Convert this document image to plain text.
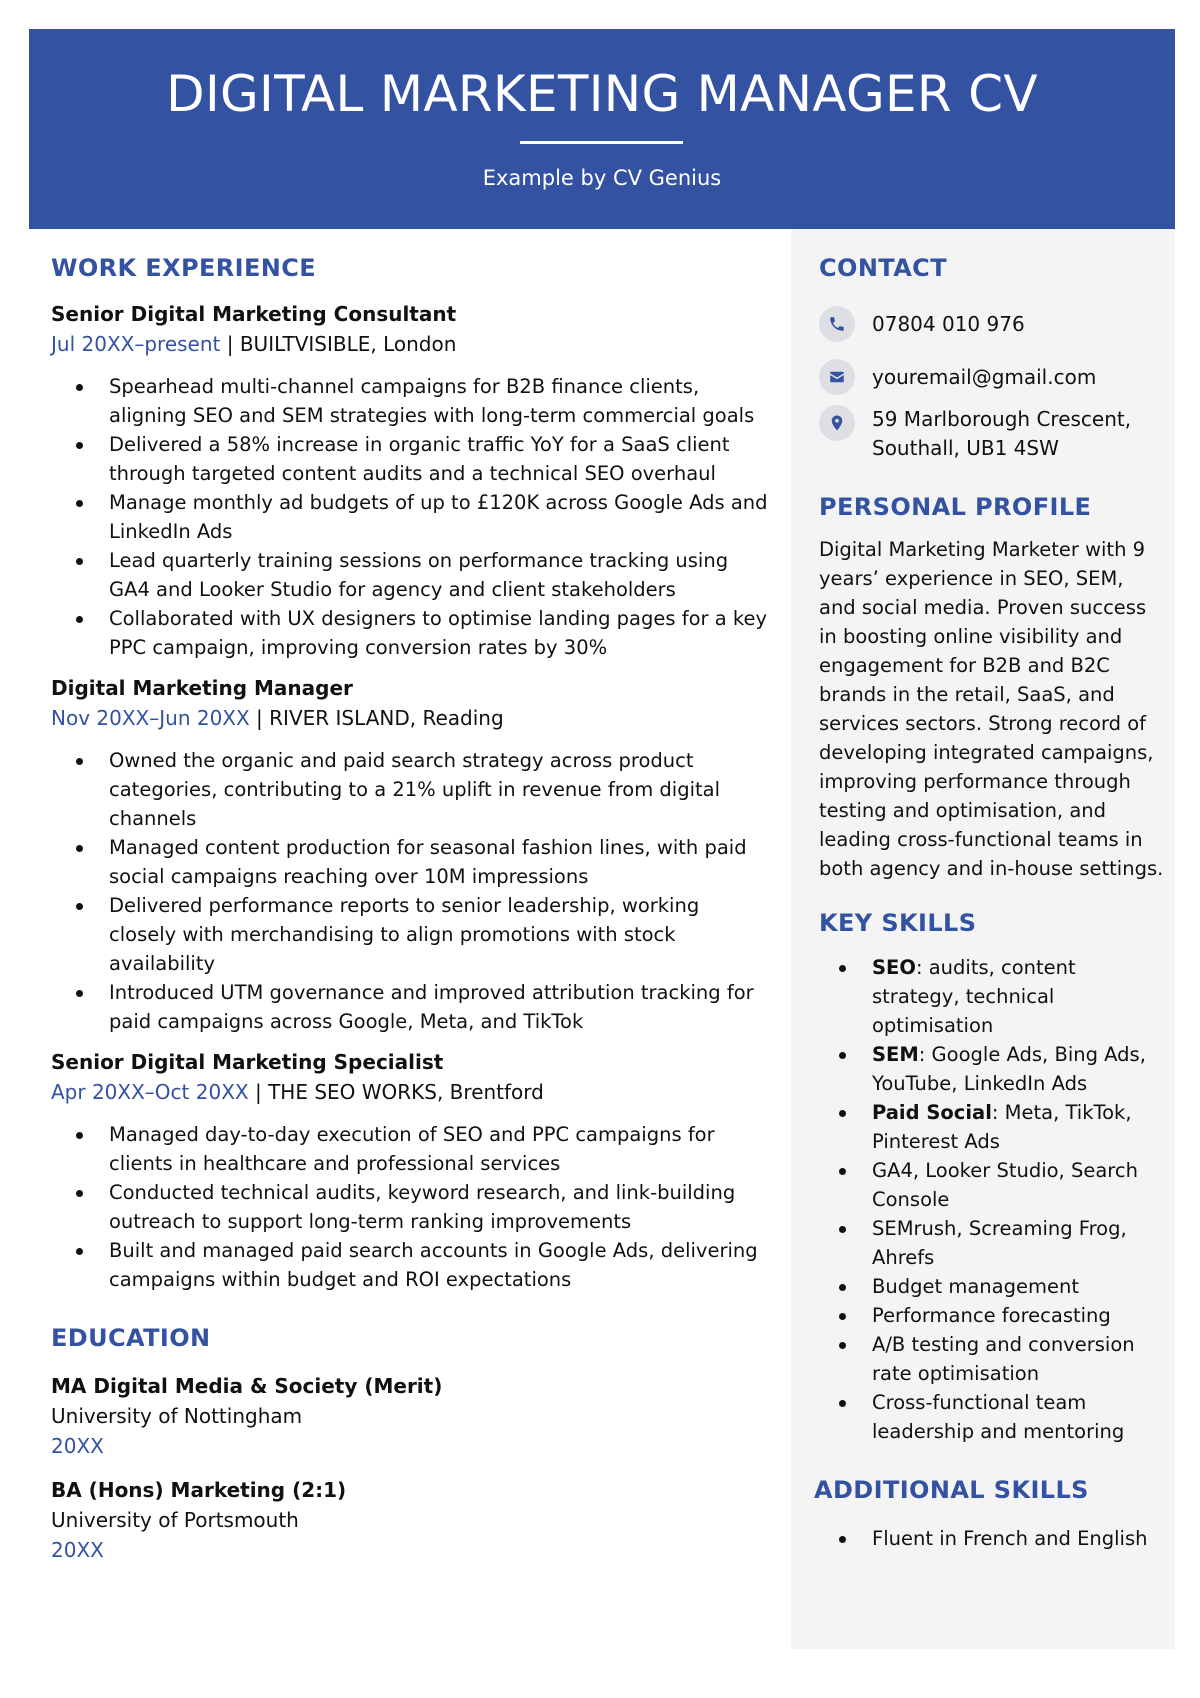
DIGITAL MARKETING MANAGER CV
Example by CV Genius
WORK EXPERIENCE
Senior Digital Marketing Consultant
Jul 20XX–present | BUILTVISIBLE, London
Spearhead multi-channel campaigns for B2B finance clients, aligning SEO and SEM strategies with long-term commercial goals
Delivered a 58% increase in organic traffic YoY for a SaaS client through targeted content audits and a technical SEO overhaul
Manage monthly ad budgets of up to £120K across Google Ads and LinkedIn Ads
Lead quarterly training sessions on performance tracking using GA4 and Looker Studio for agency and client stakeholders
Collaborated with UX designers to optimise landing pages for a key PPC campaign, improving conversion rates by 30%
Digital Marketing Manager
Nov 20XX–Jun 20XX | RIVER ISLAND, Reading
Owned the organic and paid search strategy across product categories, contributing to a 21% uplift in revenue from digital channels
Managed content production for seasonal fashion lines, with paid social campaigns reaching over 10M impressions
Delivered performance reports to senior leadership, working closely with merchandising to align promotions with stock availability
Introduced UTM governance and improved attribution tracking for paid campaigns across Google, Meta, and TikTok
Senior Digital Marketing Specialist
Apr 20XX–Oct 20XX | THE SEO WORKS, Brentford
Managed day-to-day execution of SEO and PPC campaigns for clients in healthcare and professional services
Conducted technical audits, keyword research, and link-building outreach to support long-term ranking improvements
Built and managed paid search accounts in Google Ads, delivering campaigns within budget and ROI expectations
EDUCATION
MA Digital Media & Society (Merit)
University of Nottingham
20XX
BA (Hons) Marketing (2:1)
University of Portsmouth
20XX
CONTACT
07804 010 976
youremail@gmail.com
59 Marlborough Crescent,
Southall, UB1 4SW
PERSONAL PROFILE
Digital Marketing Marketer with 9 years’ experience in SEO, SEM, and social media. Proven success in boosting online visibility and engagement for B2B and B2C brands in the retail, SaaS, and services sectors. Strong record of developing integrated campaigns, improving performance through testing and optimisation, and leading cross-functional teams in both agency and in-house settings.
KEY SKILLS
SEO: audits, content strategy, technical optimisation
SEM: Google Ads, Bing Ads, YouTube, LinkedIn Ads
Paid Social: Meta, TikTok, Pinterest Ads
GA4, Looker Studio, Search Console
SEMrush, Screaming Frog, Ahrefs
Budget management
Performance forecasting
A/B testing and conversion rate optimisation
Cross-functional team leadership and mentoring
ADDITIONAL SKILLS
Fluent in French and English
